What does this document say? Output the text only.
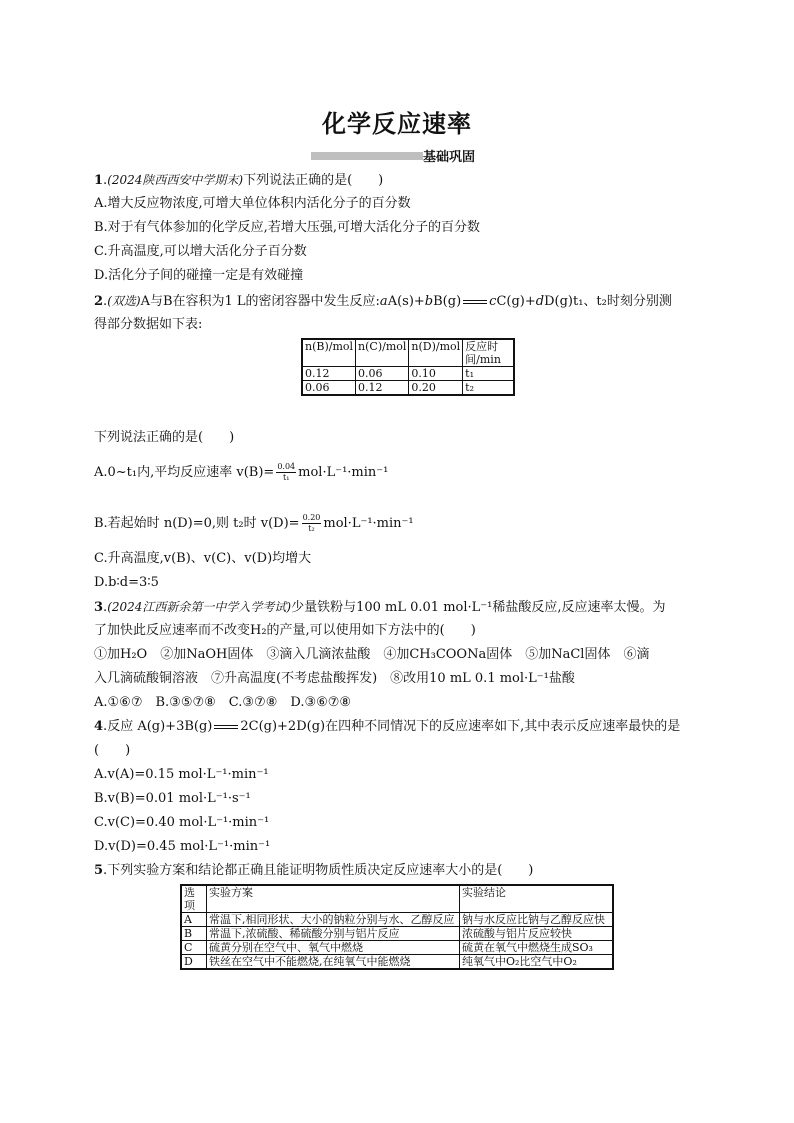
化学反应速率
基础巩固
1.(2024陕西西安中学期末)下列说法正确的是(　　)
A.增大反应物浓度,可增大单位体积内活化分子的百分数
B.对于有气体参加的化学反应,若增大压强,可增大活化分子的百分数
C.升高温度,可以增大活化分子百分数
D.活化分子间的碰撞一定是有效碰撞
2.(双选)A与B在容积为1 L的密闭容器中发生反应:aA(s)+bB(g) cC(g)+dD(g)t₁、t₂时刻分别测
得部分数据如下表:
n(B)/mol	n(C)/mol	n(D)/mol	反应时间/min
0.12	0.06	0.10	t₁
0.06	0.12	0.20	t₂
下列说法正确的是(　　)
A.0~t₁内,平均反应速率 $v(B)= \frac{0.04}{\text{t₁}} mol\cdot L^{-1}\cdot\min^{-1}$
B.若起始时 n(D)=0,则 t₂时 $v(D)= \frac{0.20}{\text{t₂}} mol\cdot L^{-1}\cdot\min^{-1}$
C.升高温度,v(B)、v(C)、v(D)均增大
D.b∶d=3∶5
3.(2024江西新余第一中学入学考试)少量铁粉与100 mL 0.01 mol·L⁻¹稀盐酸反应,反应速率太慢。为
了加快此反应速率而不改变H₂的产量,可以使用如下方法中的(　　)
①加H₂O　②加NaOH固体　③滴入几滴浓盐酸　④加CH₃COONa固体　⑤加NaCl固体　⑥滴
入几滴硫酸铜溶液　⑦升高温度(不考虑盐酸挥发)　⑧改用10 mL 0.1 mol·L⁻¹盐酸
A.①⑥⑦　B.③⑤⑦⑧　C.③⑦⑧　D.③⑥⑦⑧
4.反应 A(g)+3B(g) 2C(g)+2D(g)在四种不同情况下的反应速率如下,其中表示反应速率最快的是
(　　)
A.v(A)=0.15 mol·L⁻¹·min⁻¹
B.v(B)=0.01 mol·L⁻¹·s⁻¹
C.v(C)=0.40 mol·L⁻¹·min⁻¹
D.v(D)=0.45 mol·L⁻¹·min⁻¹
5.下列实验方案和结论都正确且能证明物质性质决定反应速率大小的是(　　)
选项	实验方案	实验结论
A	常温下,相同形状、大小的钠粒分别与水、乙醇反应	钠与水反应比钠与乙醇反应快
B	常温下,浓硫酸、稀硫酸分别与铝片反应	浓硫酸与铝片反应较快
C	硫黄分别在空气中、氧气中燃烧	硫黄在氧气中燃烧生成SO₃
D	铁丝在空气中不能燃烧,在纯氧气中能燃烧	纯氧气中O₂比空气中O₂
